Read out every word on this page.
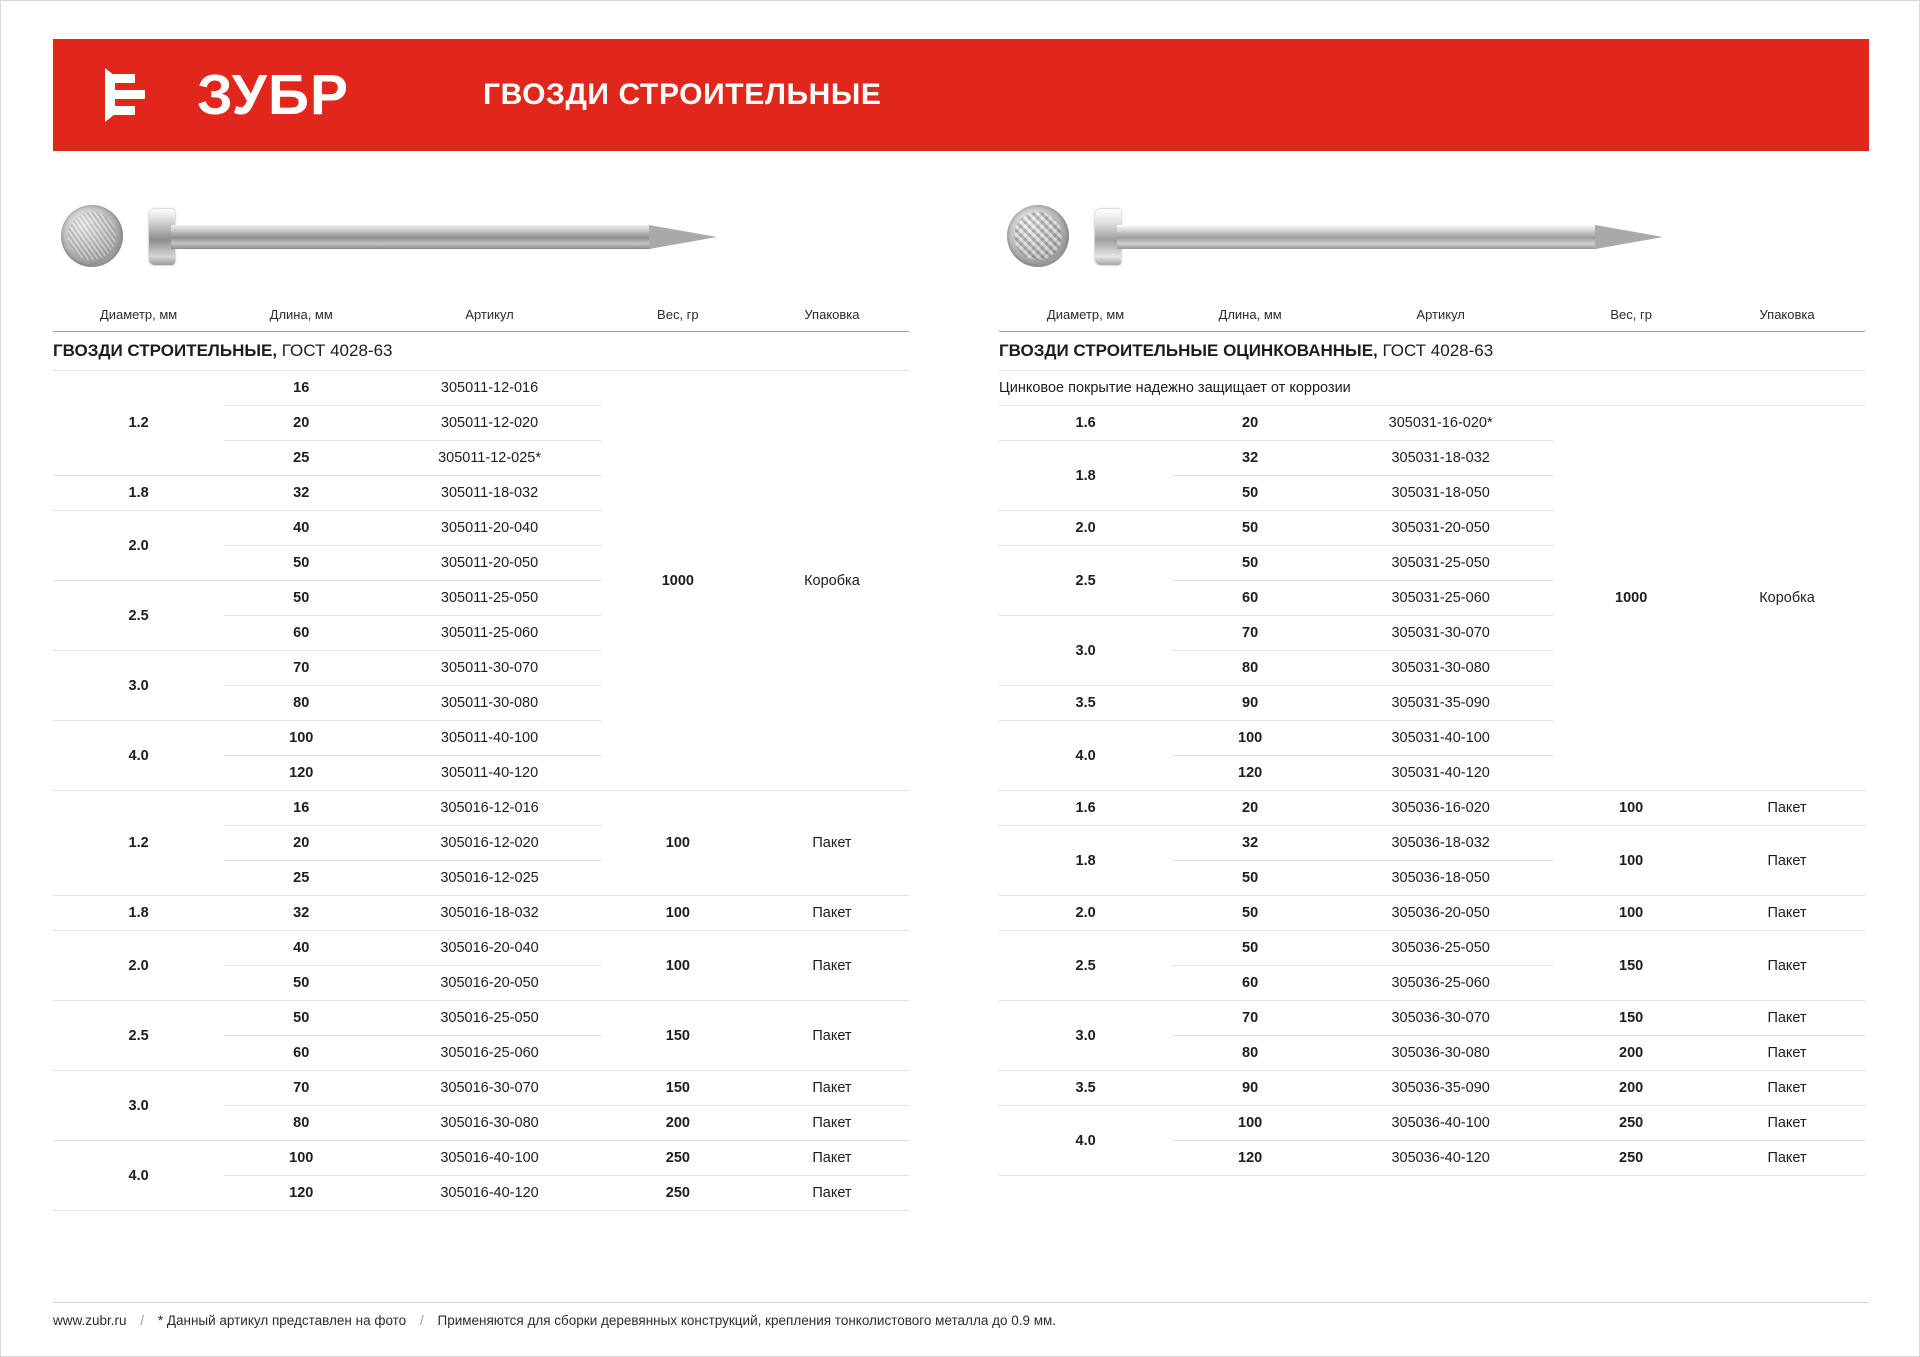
ЗУБР	ГВОЗДИ СТРОИТЕЛЬНЫЕ
Диаметр, мм	Длина, мм	Артикул	Вес, гр	Упаковка
ГВОЗДИ СТРОИТЕЛЬНЫЕ, ГОСТ 4028-63				
1.2	16	305011-12-016	1000	Коробка
	20	305011-12-020		
	25	305011-12-025*		
1.8	32	305011-18-032		
2.0	40	305011-20-040		
	50	305011-20-050		
2.5	50	305011-25-050		
	60	305011-25-060		
3.0	70	305011-30-070		
	80	305011-30-080		
4.0	100	305011-40-100		
	120	305011-40-120		
1.2	16	305016-12-016	100	Пакет
	20	305016-12-020		
	25	305016-12-025		
1.8	32	305016-18-032	100	Пакет
2.0	40	305016-20-040	100	Пакет
	50	305016-20-050		
2.5	50	305016-25-050	150	Пакет
	60	305016-25-060		
3.0	70	305016-30-070	150	Пакет
	80	305016-30-080	200	Пакет
4.0	100	305016-40-100	250	Пакет
	120	305016-40-120	250	Пакет
Диаметр, мм	Длина, мм	Артикул	Вес, гр	Упаковка
ГВОЗДИ СТРОИТЕЛЬНЫЕ ОЦИНКОВАННЫЕ, ГОСТ 4028-63				
Цинковое покрытие надежно защищает от коррозии				
1.6	20	305031-16-020*	1000	Коробка
1.8	32	305031-18-032		
	50	305031-18-050		
2.0	50	305031-20-050		
2.5	50	305031-25-050		
	60	305031-25-060		
3.0	70	305031-30-070		
	80	305031-30-080		
3.5	90	305031-35-090		
4.0	100	305031-40-100		
	120	305031-40-120		
1.6	20	305036-16-020	100	Пакет
1.8	32	305036-18-032	100	Пакет
	50	305036-18-050		
2.0	50	305036-20-050	100	Пакет
2.5	50	305036-25-050	150	Пакет
	60	305036-25-060		
3.0	70	305036-30-070	150	Пакет
	80	305036-30-080	200	Пакет
3.5	90	305036-35-090	200	Пакет
4.0	100	305036-40-100	250	Пакет
	120	305036-40-120	250	Пакет
www.zubr.ru / * Данный артикул представлен на фото / Применяются для сборки деревянных конструкций, крепления тонколистового металла до 0.9 мм.
